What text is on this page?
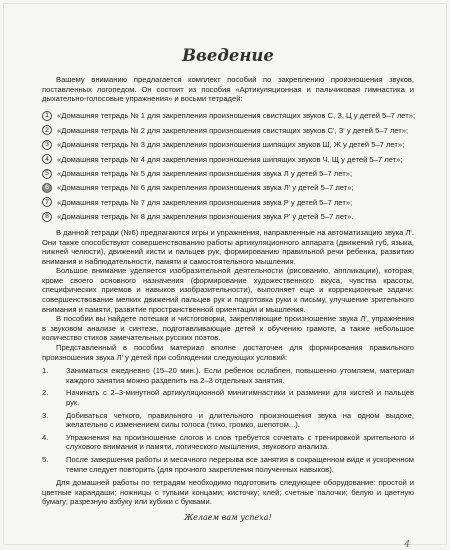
Введение

Вашему вниманию предлагается комплект пособий по закреплению произношения звуков, поставленных логопедом. Он состоит из пособия «Артикуляционная и пальчиковая гимнастика и дыхательно-голосовые упражнения» и восьми тетрадей:

1	«Домашняя тетрадь № 1 для закрепления произношения свистящих звуков С, З, Ц у детей 5–7 лет»;
2	«Домашняя тетрадь № 2 для закрепления произношения свистящих звуков С', З' у детей 5–7 лет»;
3	«Домашняя тетрадь № 3 для закрепления произношения шипящих звуков Ш, Ж у детей 5–7 лет»;
4	«Домашняя тетрадь № 4 для закрепления произношения шипящих звуков Ч, Щ у детей 5–7 лет»;
5	«Домашняя тетрадь № 5 для закрепления произношения звука Л у детей 5–7 лет»;
6	«Домашняя тетрадь № 6 для закрепления произношения звука Л' у детей 5–7 лет»;
7	«Домашняя тетрадь № 7 для закрепления произношения звука Р у детей 5–7 лет»;
8	«Домашняя тетрадь № 8 для закрепления произношения звука Р' у детей 5–7 лет».

В данной тетради (№6) предлагаются игры и упражнения, направленные на автоматизацию звука Л'. Они также способствуют совершенствованию работы артикуляционного аппарата (движений губ, языка, нижней челюсти), движений кисти и пальцев рук, формированию правильной речи ребенка, развитию внимания и наблюдательности, памяти и самостоятельного мышления.

Большое внимание уделяется изобразительной деятельности (рисованию, аппликации), которая, кроме своего основного назначения (формирование художественного вкуса, чувства красоты, специфических приемов и навыков изобразительности), выполняет еще и коррекционные задачи: совершенствование мелких движений пальцев рук и подготовка руки к письму, улучшение зрительного внимания и памяти, развитие пространственной ориентации и мышления.

В пособии вы найдете потешки и чистоговорки, закрепляющие произношение звука Л', упражнения в звуковом анализе и синтезе, подготавливающие детей к обучению грамоте, а также небольшое количество стихов замечательных русских поэтов.

Представленный в пособии материал вполне достаточен для формирования правильного произношения звука Л' у детей при соблюдении следующих условий:

1.	Заниматься ежедневно (15–20 мин.). Если ребенок ослаблен, повышенно утомляем, материал каждого занятия можно разделить на 2–3 отдельных занятия.
2.	Начинать с 2–3-минутной артикуляционной минигимнастики и разминки для кистей и пальцев рук.
3.	Добиваться четкого, правильного и длительного произношения звука на одном выдохе, желательно с изменением силы голоса (тихо, громко, шепотом...).
4.	Упражнения на произношение слогов и слов требуется сочетать с тренировкой зрительного и слухового внимания и памяти, логического мышления, звукового анализа.
5.	После завершения работы и месячного перерыва все занятия в сокращенном виде и ускоренном темпе следует повторить (для прочного закрепления полученных навыков).

Для домашней работы по тетрадям необходимо подготовить следующее оборудование: простой и цветные карандаши; ножницы с тупыми концами; кисточку; клей; счетные палочки; белую и цветную бумагу; разрезную азбуку или кубики с буквами.

Желаем вам успеха!
4
